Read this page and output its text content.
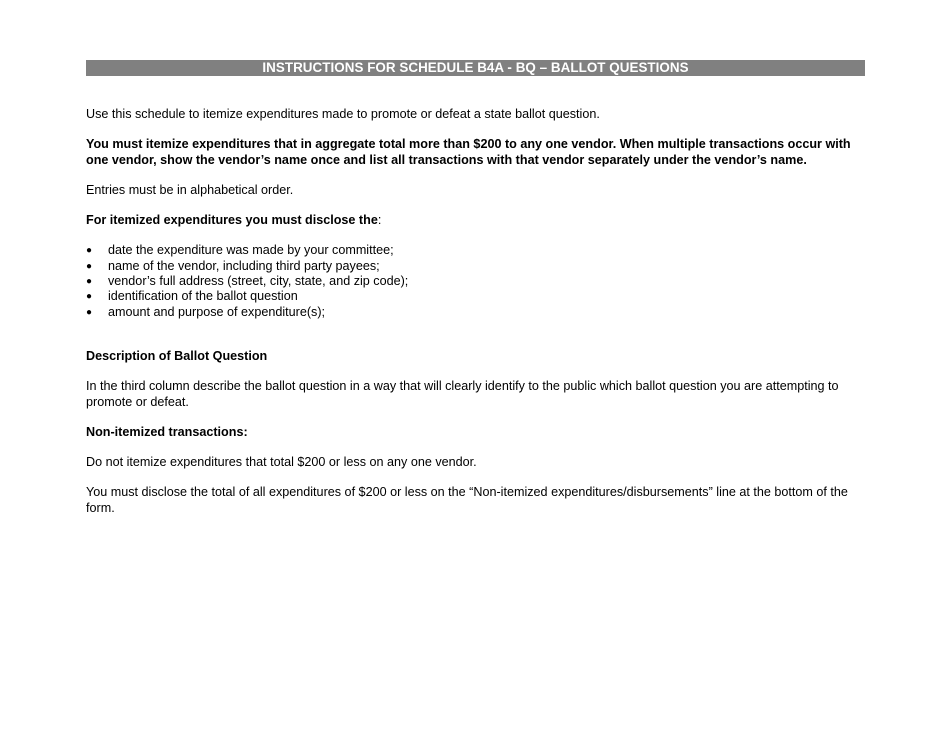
INSTRUCTIONS FOR SCHEDULE B4A - BQ – BALLOT QUESTIONS

Use this schedule to itemize expenditures made to promote or defeat a state ballot question.

You must itemize expenditures that in aggregate total more than $200 to any one vendor. When multiple transactions occur with one vendor, show the vendor’s name once and list all transactions with that vendor separately under the vendor’s name.

Entries must be in alphabetical order.

For itemized expenditures you must disclose the:

● date the expenditure was made by your committee;
● name of the vendor, including third party payees;
● vendor’s full address (street, city, state, and zip code);
● identification of the ballot question
● amount and purpose of expenditure(s);

Description of Ballot Question

In the third column describe the ballot question in a way that will clearly identify to the public which ballot question you are attempting to promote or defeat.

Non-itemized transactions:

Do not itemize expenditures that total $200 or less on any one vendor.

You must disclose the total of all expenditures of $200 or less on the “Non-itemized expenditures/disbursements” line at the bottom of the form.
